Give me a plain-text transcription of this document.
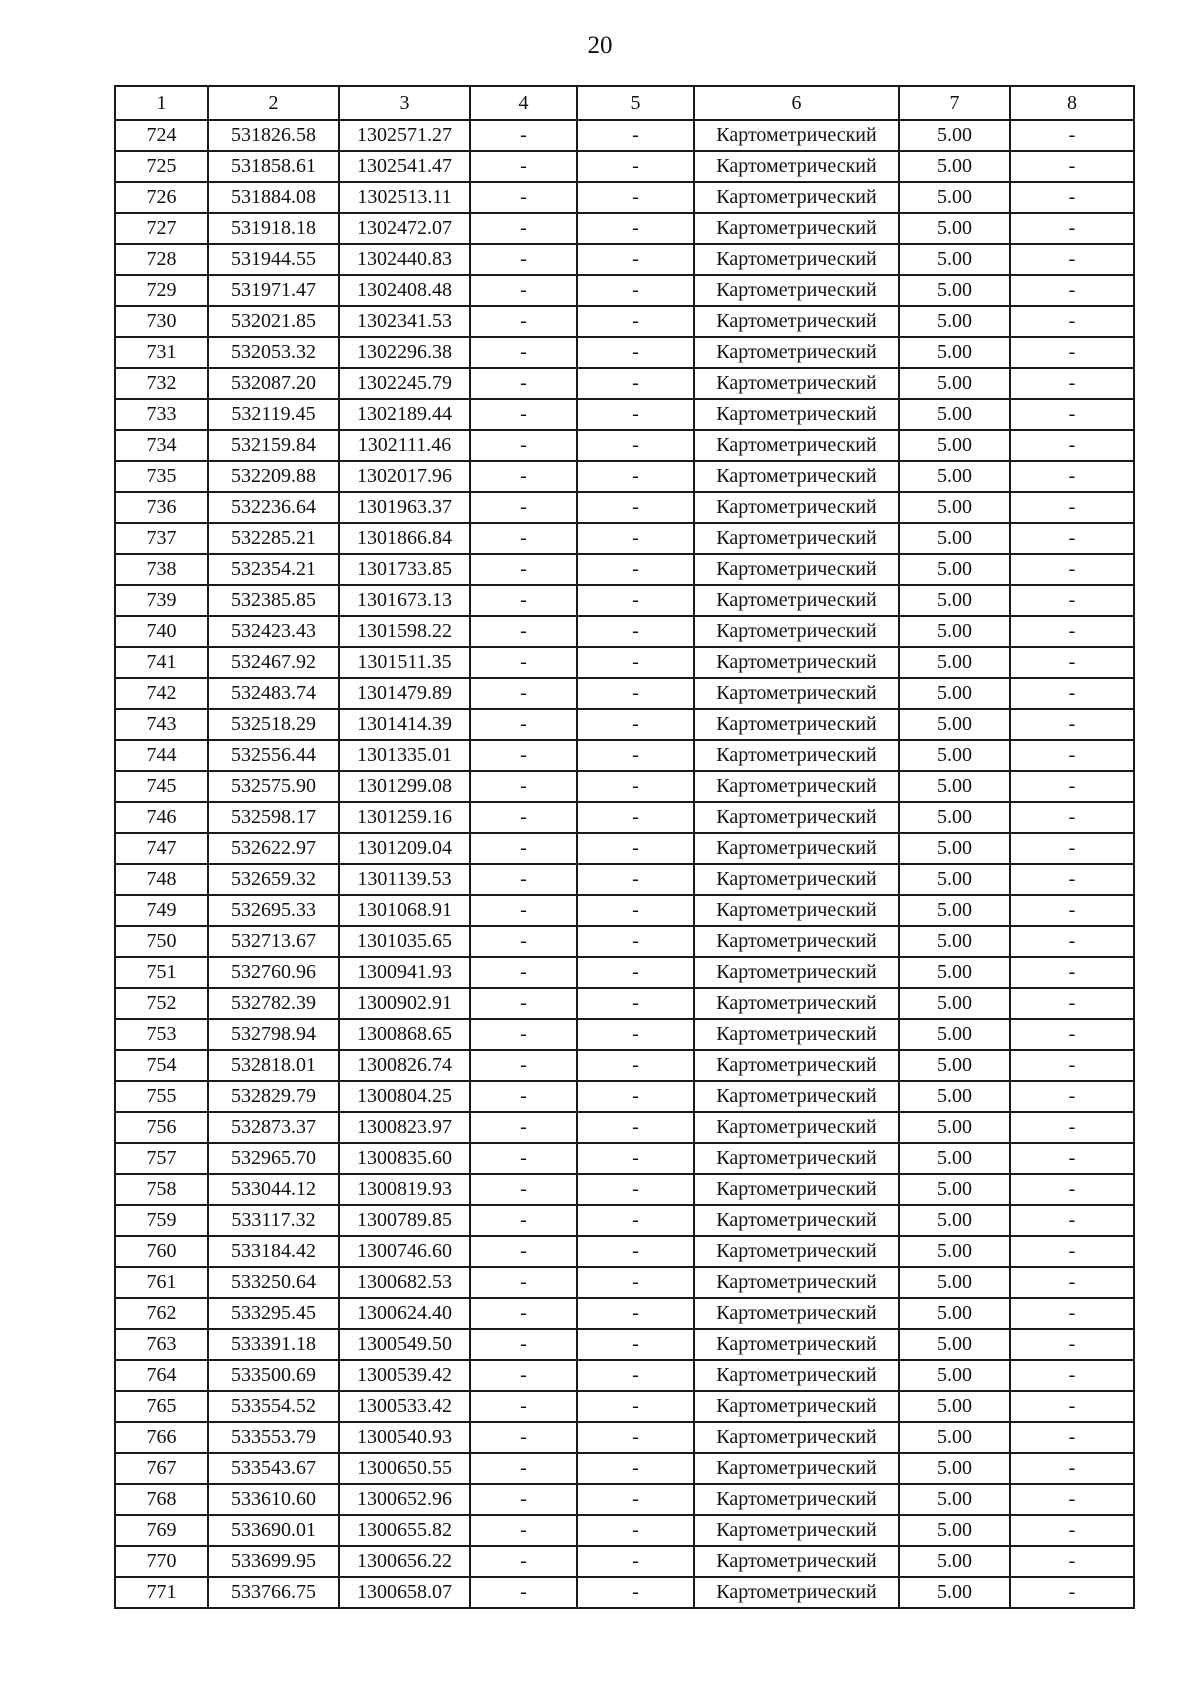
20
1	2	3	4	5	6	7	8
724	531826.58	1302571.27	-	-	Картометрический	5.00	-
725	531858.61	1302541.47	-	-	Картометрический	5.00	-
726	531884.08	1302513.11	-	-	Картометрический	5.00	-
727	531918.18	1302472.07	-	-	Картометрический	5.00	-
728	531944.55	1302440.83	-	-	Картометрический	5.00	-
729	531971.47	1302408.48	-	-	Картометрический	5.00	-
730	532021.85	1302341.53	-	-	Картометрический	5.00	-
731	532053.32	1302296.38	-	-	Картометрический	5.00	-
732	532087.20	1302245.79	-	-	Картометрический	5.00	-
733	532119.45	1302189.44	-	-	Картометрический	5.00	-
734	532159.84	1302111.46	-	-	Картометрический	5.00	-
735	532209.88	1302017.96	-	-	Картометрический	5.00	-
736	532236.64	1301963.37	-	-	Картометрический	5.00	-
737	532285.21	1301866.84	-	-	Картометрический	5.00	-
738	532354.21	1301733.85	-	-	Картометрический	5.00	-
739	532385.85	1301673.13	-	-	Картометрический	5.00	-
740	532423.43	1301598.22	-	-	Картометрический	5.00	-
741	532467.92	1301511.35	-	-	Картометрический	5.00	-
742	532483.74	1301479.89	-	-	Картометрический	5.00	-
743	532518.29	1301414.39	-	-	Картометрический	5.00	-
744	532556.44	1301335.01	-	-	Картометрический	5.00	-
745	532575.90	1301299.08	-	-	Картометрический	5.00	-
746	532598.17	1301259.16	-	-	Картометрический	5.00	-
747	532622.97	1301209.04	-	-	Картометрический	5.00	-
748	532659.32	1301139.53	-	-	Картометрический	5.00	-
749	532695.33	1301068.91	-	-	Картометрический	5.00	-
750	532713.67	1301035.65	-	-	Картометрический	5.00	-
751	532760.96	1300941.93	-	-	Картометрический	5.00	-
752	532782.39	1300902.91	-	-	Картометрический	5.00	-
753	532798.94	1300868.65	-	-	Картометрический	5.00	-
754	532818.01	1300826.74	-	-	Картометрический	5.00	-
755	532829.79	1300804.25	-	-	Картометрический	5.00	-
756	532873.37	1300823.97	-	-	Картометрический	5.00	-
757	532965.70	1300835.60	-	-	Картометрический	5.00	-
758	533044.12	1300819.93	-	-	Картометрический	5.00	-
759	533117.32	1300789.85	-	-	Картометрический	5.00	-
760	533184.42	1300746.60	-	-	Картометрический	5.00	-
761	533250.64	1300682.53	-	-	Картометрический	5.00	-
762	533295.45	1300624.40	-	-	Картометрический	5.00	-
763	533391.18	1300549.50	-	-	Картометрический	5.00	-
764	533500.69	1300539.42	-	-	Картометрический	5.00	-
765	533554.52	1300533.42	-	-	Картометрический	5.00	-
766	533553.79	1300540.93	-	-	Картометрический	5.00	-
767	533543.67	1300650.55	-	-	Картометрический	5.00	-
768	533610.60	1300652.96	-	-	Картометрический	5.00	-
769	533690.01	1300655.82	-	-	Картометрический	5.00	-
770	533699.95	1300656.22	-	-	Картометрический	5.00	-
771	533766.75	1300658.07	-	-	Картометрический	5.00	-
